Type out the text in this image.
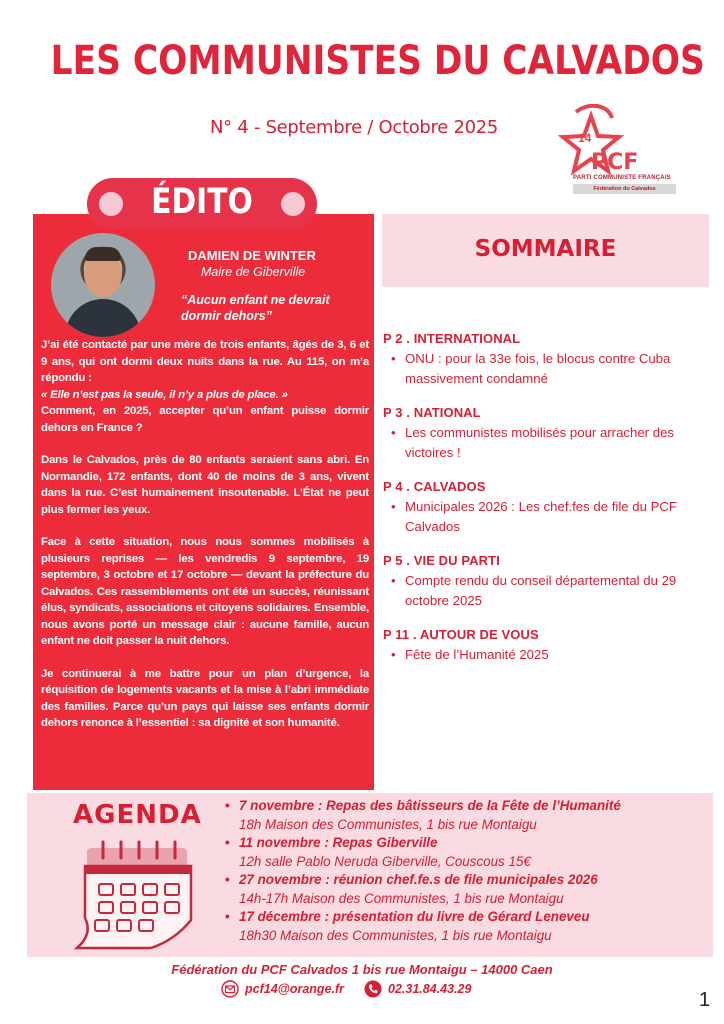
LES COMMUNISTES DU CALVADOS
N° 4 - Septembre / Octobre 2025	14
PCF
PARTI COMMUNISTE FRANÇAIS
Fédération du Calvados
ÉDITO
DAMIEN DE WINTER
Maire de Giberville
“Aucun enfant ne devrait dormir dehors”

J’ai été contacté par une mère de trois enfants, âgés de 3, 6 et 9 ans, qui ont dormi deux nuits dans la rue. Au 115, on m’a répondu :
« Elle n’est pas la seule, il n’y a plus de place. »
Comment, en 2025, accepter qu’un enfant puisse dormir dehors en France ?

Dans le Calvados, près de 80 enfants seraient sans abri. En Normandie, 172 enfants, dont 40 de moins de 3 ans, vivent dans la rue. C’est humainement insoutenable. L’État ne peut plus fermer les yeux.

Face à cette situation, nous nous sommes mobilisés à plusieurs reprises — les vendredis 9 septembre, 19 septembre, 3 octobre et 17 octobre — devant la préfecture du Calvados. Ces rassemblements ont été un succès, réunissant élus, syndicats, associations et citoyens solidaires. Ensemble, nous avons porté un message clair : aucune famille, aucun enfant ne doit passer la nuit dehors.

Je continuerai à me battre pour un plan d’urgence, la réquisition de logements vacants et la mise à l’abri immédiate des familles. Parce qu’un pays qui laisse ses enfants dormir dehors renonce à l’essentiel : sa dignité et son humanité.

SOMMAIRE
P 2 . INTERNATIONAL
• ONU : pour la 33e fois, le blocus contre Cuba massivement condamné
P 3 . NATIONAL
• Les communistes mobilisés pour arracher des victoires !
P 4 . CALVADOS
• Municipales 2026 : Les chef.fes de file du PCF Calvados
P 5 . VIE DU PARTI
• Compte rendu du conseil départemental du 29 octobre 2025
P 11 . AUTOUR DE VOUS
• Fête de l’Humanité 2025
AGENDA
•	7 novembre : Repas des bâtisseurs de la Fête de l’Humanité
18h Maison des Communistes, 1 bis rue Montaigu
• 11 novembre : Repas Giberville
12h salle Pablo Neruda Giberville, Couscous 15€
• 27 novembre : réunion chef.fe.s de file municipales 2026
14h-17h Maison des Communistes, 1 bis rue Montaigu
• 17 décembre : présentation du livre de Gérard Leneveu
18h30 Maison des Communistes, 1 bis rue Montaigu
Fédération du PCF Calvados 1 bis rue Montaigu – 14000 Caen
pcf14@orange.fr	02.31.84.43.29	1
